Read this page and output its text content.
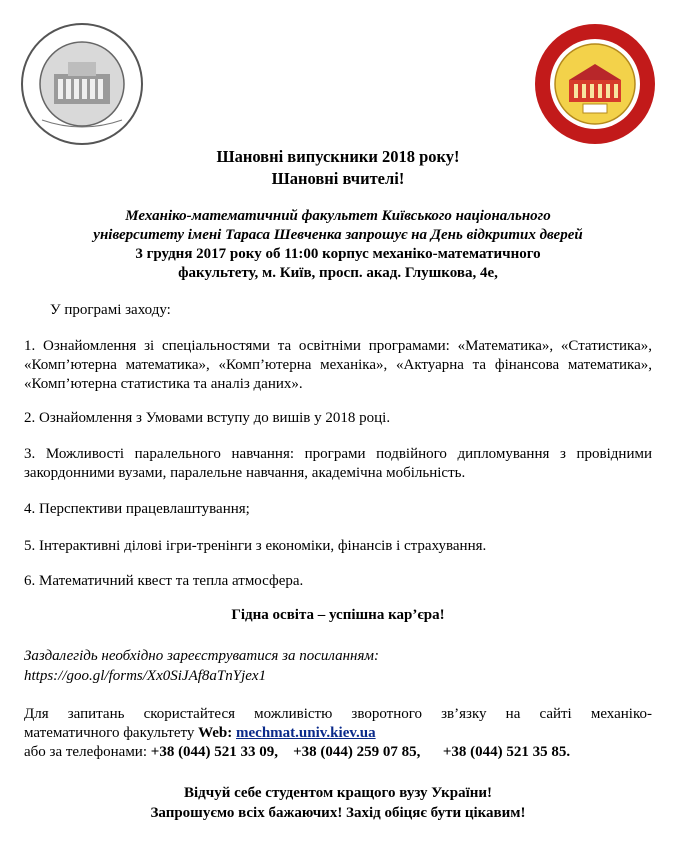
Шановні випускники 2018 року!
Шановні вчителі!
Механіко-математичний факультет Київського національного
університету імені Тараса Шевченка запрошує на День відкритих дверей
3 грудня 2017 року об 11:00 корпус механіко-математичного
факультету, м. Київ, просп. акад. Глушкова, 4е,
У програмі заходу:
1. Ознайомлення зі спеціальностями та освітніми програмами: «Математика», «Статистика», «Комп’ютерна математика», «Комп’ютерна механіка», «Актуарна та фінансова математика», «Комп’ютерна статистика та аналіз даних».
2. Ознайомлення з Умовами вступу до вишів у 2018 році.
3. Можливості паралельного навчання: програми подвійного дипломування з провідними закордонними вузами, паралельне навчання, академічна мобільність.
4. Перспективи працевлаштування;
5. Інтерактивні ділові ігри-тренінги з економіки, фінансів і страхування.
6. Математичний квест та тепла атмосфера.
Гідна освіта – успішна кар’єра!
Заздалегідь необхідно зареєструватися за посиланням:
https://goo.gl/forms/Xx0SiJAf8aTnYjex1
Для запитань скористайтеся можливістю зворотного зв’язку на сайті механіко-
математичного факультету Web: mechmat.univ.kiev.ua
або за телефонами: +38 (044) 521 33 09, +38 (044) 259 07 85, +38 (044) 521 35 85.
Відчуй себе студентом кращого вузу України!
Запрошуємо всіх бажаючих! Захід обіцяє бути цікавим!
